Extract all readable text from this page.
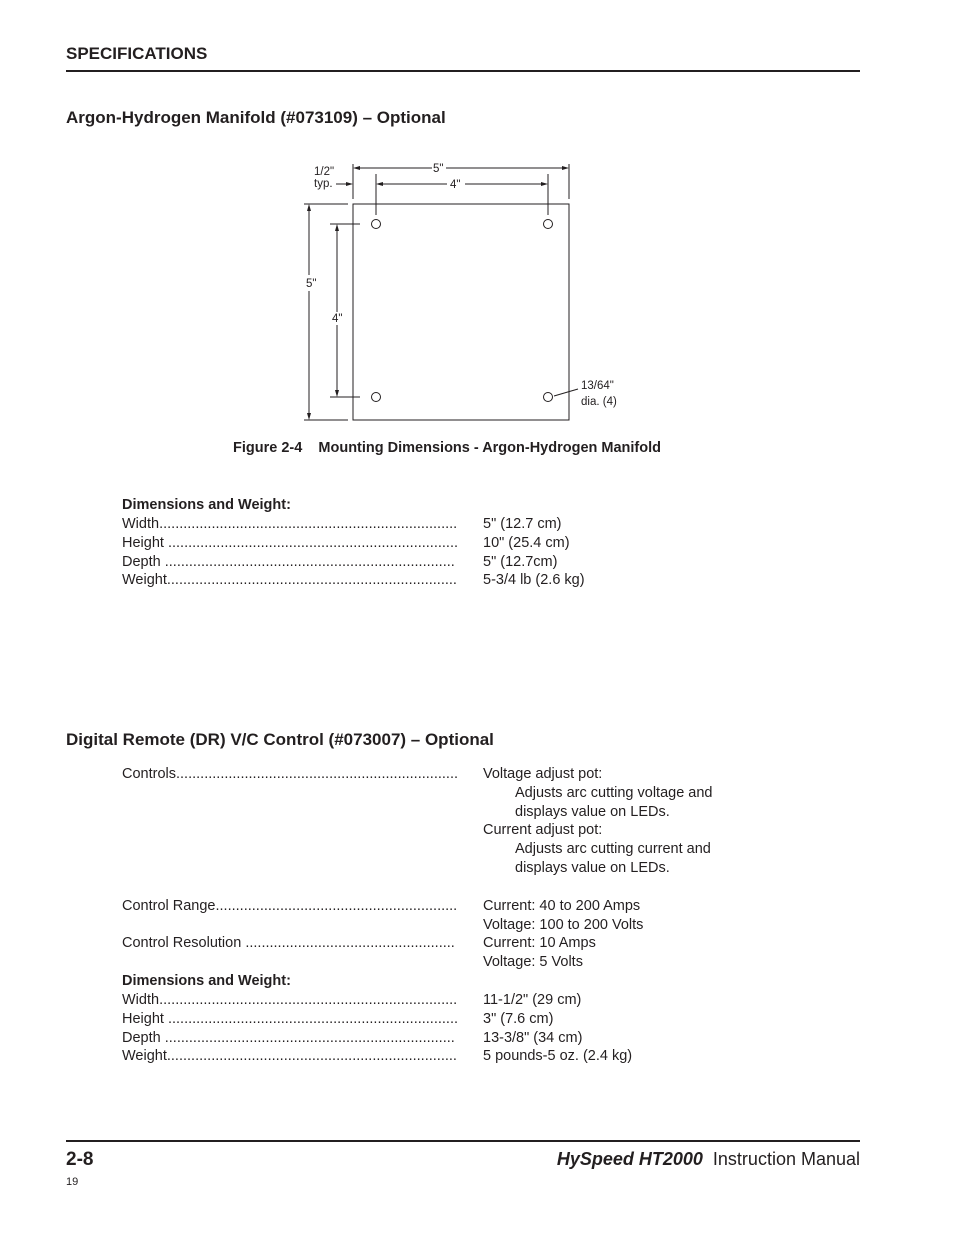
SPECIFICATIONS
Argon-Hydrogen Manifold (#073109) – Optional
1/2"
typ.
5"
4"
5"
4"
13/64"
dia. (4)
Figure 2-4    Mounting Dimensions - Argon-Hydrogen Manifold
Dimensions and Weight:
Width..........................................................................	5" (12.7 cm)
Height ........................................................................	10" (25.4 cm)
Depth ........................................................................	5" (12.7cm)
Weight........................................................................	5-3/4 lb (2.6 kg)
Digital Remote (DR) V/C Control (#073007) – Optional
Controls......................................................................	Voltage adjust pot:
Adjusts arc cutting voltage and
displays value on LEDs.
Current adjust pot:
Adjusts arc cutting current and
displays value on LEDs.
Control Range............................................................	Current: 40 to 200 Amps
Voltage: 100 to 200 Volts
Control Resolution ....................................................	Current: 10 Amps
Voltage: 5 Volts
Dimensions and Weight:
Width..........................................................................	11-1/2" (29 cm)
Height ........................................................................	3" (7.6 cm)
Depth ........................................................................	13-3/8" (34 cm)
Weight........................................................................	5 pounds-5 oz. (2.4 kg)
2-8	HySpeed HT2000 Instruction Manual
19
